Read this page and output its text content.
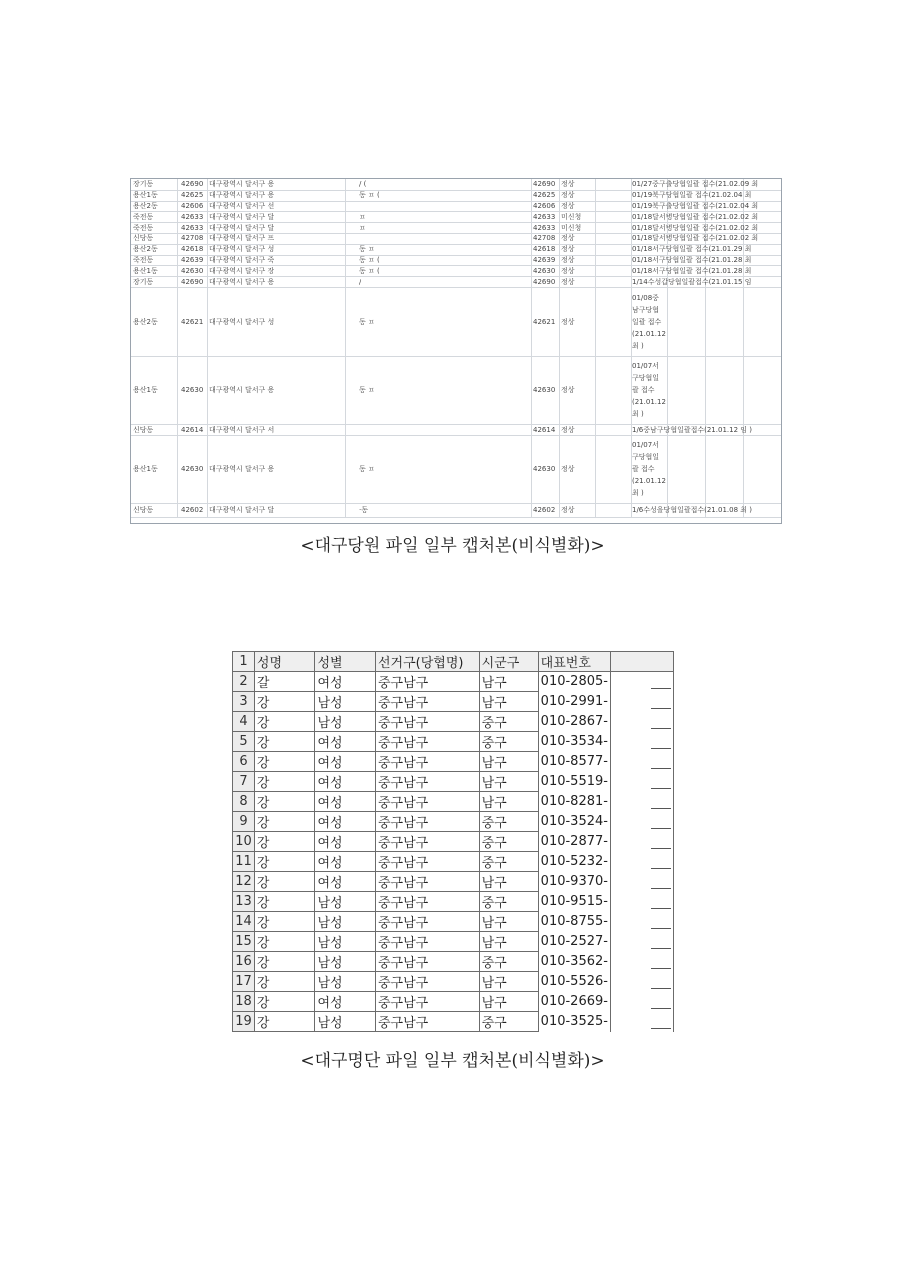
장기동	42690 대구광역시 달서구 용	/ (	42690 정상	01/27중구출당협일괄 접수(21.02.09 최
용산1동	42625 대구광역시 달서구 용	동 ㅍ (	42625 정상	01/19북구당협일괄 접수(21.02.04 최
용산2동	42606 대구광역시 달서구 선	42606 정상	01/19북구출당협일괄 접수(21.02.04 최
죽전동	42633 대구광역시 달서구 달	ㅍ	42633 미신청	01/18달서병당협일괄 접수(21.02.02 최
죽전동	42633 대구광역시 달서구 달	ㅍ	42633 미신청	01/18달서병당협일괄 접수(21.02.02 최
신당동	42708 대구광역시 달서구 프	42708 정상	01/18달서병당협일괄 접수(21.02.02 최
용산2동	42618 대구광역시 달서구 성	동 ㅍ	42618 정상	01/18서구당협일괄 접수(21.01.29 최
죽전동	42639 대구광역시 달서구 죽	동 ㅍ (	42639 정상	01/18서구당협일괄 접수(21.01.28 최
용산1동	42630 대구광역시 달서구 장	동 ㅍ (	42630 정상	01/18서구당협일괄 접수(21.01.28 최
장기동	42690 대구광역시 달서구 용	/	42690 정상	1/14수성갑당협일괄접수(21.01.15 임
용산2동	42621 대구광역시 달서구 성	동 ㅍ	42621 정상
01/08중
남구당협
일괄 접수
(21.01.12
최 )
용산1동	42630 대구광역시 달서구 용	동 ㅍ	42630 정상
01/07서
구당협일
괄 접수
(21.01.12
최 )
신당동	42614 대구광역시 달서구 서	42614 정상	1/6중남구당협일괄접수(21.01.12 임 )
용산1동	42630 대구광역시 달서구 용	동 ㅍ	42630 정상
01/07서
구당협일
괄 접수
(21.01.12
최 )
신당동	42602 대구광역시 달서구 달	·동	42602 정상	1/6수성을당협일괄접수(21.01.08 최 )
<대구당원 파일 일부 캡처본(비식별화)>
1	성명	성별	선거구(당협명)	시군구	대표번호	
2	갈	여성	중구남구	남구	010-2805-	
3	강	남성	중구남구	남구	010-2991-	
4	강	남성	중구남구	중구	010-2867-	
5	강	여성	중구남구	중구	010-3534-	
6	강	여성	중구남구	남구	010-8577-	
7	강	여성	중구남구	남구	010-5519-	
8	강	여성	중구남구	남구	010-8281-	
9	강	여성	중구남구	중구	010-3524-	
10	강	여성	중구남구	중구	010-2877-	
11	강	여성	중구남구	중구	010-5232-	
12	강	여성	중구남구	남구	010-9370-	
13	강	남성	중구남구	중구	010-9515-	
14	강	남성	중구남구	남구	010-8755-	
15	강	남성	중구남구	남구	010-2527-	
16	강	남성	중구남구	중구	010-3562-	
17	강	남성	중구남구	남구	010-5526-	
18	강	여성	중구남구	남구	010-2669-	
19	강	남성	중구남구	중구	010-3525-	
<대구명단 파일 일부 캡처본(비식별화)>
